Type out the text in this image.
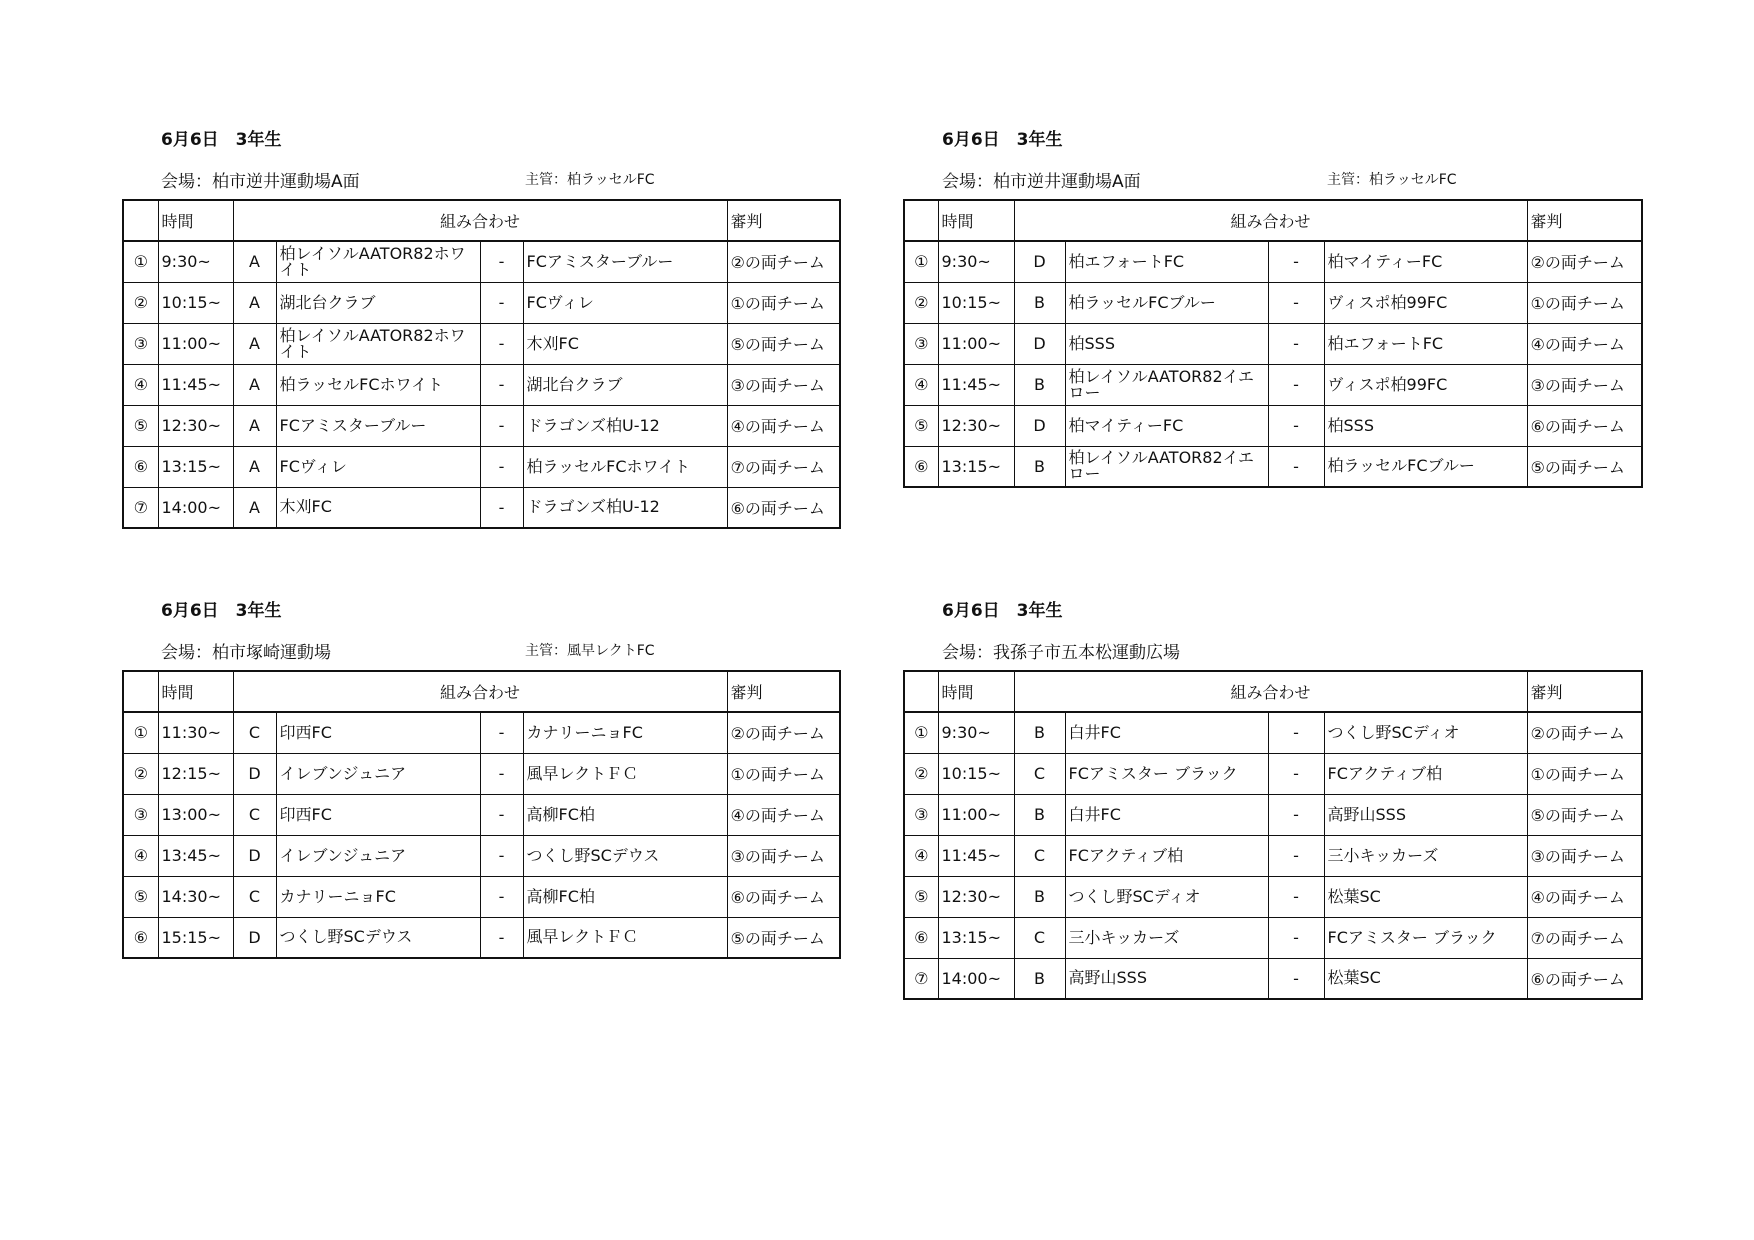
6月6日　3年生
会場：柏市逆井運動場A面	主管：柏ラッセルFC
	時間	組み合わせ				審判
①	9:30~	A	柏レイソルAATOR82ホワイト	-	FCアミスターブルー	②の両チーム
②	10:15~	A	湖北台クラブ	-	FCヴィレ	①の両チーム
③	11:00~	A	柏レイソルAATOR82ホワイト	-	木刈FC	⑤の両チーム
④	11:45~	A	柏ラッセルFCホワイト	-	湖北台クラブ	③の両チーム
⑤	12:30~	A	FCアミスターブルー	-	ドラゴンズ柏U-12	④の両チーム
⑥	13:15~	A	FCヴィレ	-	柏ラッセルFCホワイト	⑦の両チーム
⑦	14:00~	A	木刈FC	-	ドラゴンズ柏U-12	⑥の両チーム
6月6日　3年生
会場：柏市逆井運動場A面	主管：柏ラッセルFC
	時間	組み合わせ				審判
①	9:30~	D	柏エフォートFC	-	柏マイティーFC	②の両チーム
②	10:15~	B	柏ラッセルFCブルー	-	ヴィスポ柏99FC	①の両チーム
③	11:00~	D	柏SSS	-	柏エフォートFC	④の両チーム
④	11:45~	B	柏レイソルAATOR82イエロー	-	ヴィスポ柏99FC	③の両チーム
⑤	12:30~	D	柏マイティーFC	-	柏SSS	⑥の両チーム
⑥	13:15~	B	柏レイソルAATOR82イエロー	-	柏ラッセルFCブルー	⑤の両チーム
6月6日　3年生
会場：柏市塚崎運動場	主管：風早レクトFC
	時間	組み合わせ				審判
①	11:30~	C	印西FC	-	カナリーニョFC	②の両チーム
②	12:15~	D	イレブンジュニア	-	風早レクトＦＣ	①の両チーム
③	13:00~	C	印西FC	-	高柳FC柏	④の両チーム
④	13:45~	D	イレブンジュニア	-	つくし野SCデウス	③の両チーム
⑤	14:30~	C	カナリーニョFC	-	高柳FC柏	⑥の両チーム
⑥	15:15~	D	つくし野SCデウス	-	風早レクトＦＣ	⑤の両チーム
6月6日　3年生
会場：我孫子市五本松運動広場
	時間	組み合わせ				審判
①	9:30~	B	白井FC	-	つくし野SCディオ	②の両チーム
②	10:15~	C	FCアミスター ブラック	-	FCアクティブ柏	①の両チーム
③	11:00~	B	白井FC	-	高野山SSS	⑤の両チーム
④	11:45~	C	FCアクティブ柏	-	三小キッカーズ	③の両チーム
⑤	12:30~	B	つくし野SCディオ	-	松葉SC	④の両チーム
⑥	13:15~	C	三小キッカーズ	-	FCアミスター ブラック	⑦の両チーム
⑦	14:00~	B	高野山SSS	-	松葉SC	⑥の両チーム
